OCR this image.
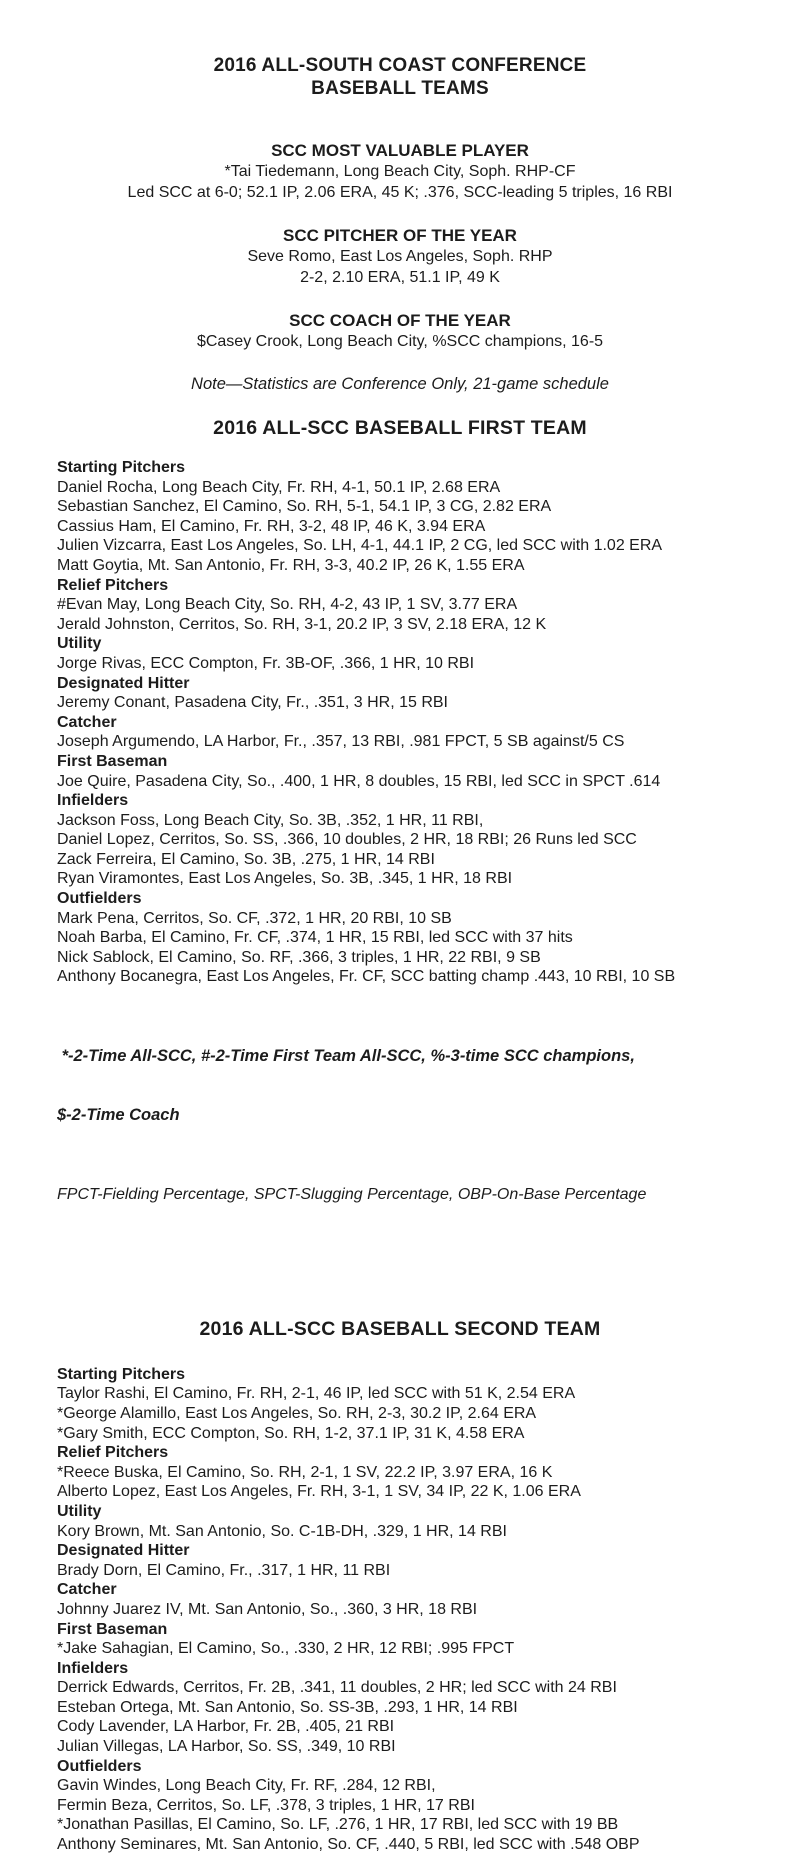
2016 ALL-SOUTH COAST CONFERENCE
BASEBALL TEAMS
SCC MOST VALUABLE PLAYER
*Tai Tiedemann, Long Beach City, Soph. RHP-CF
Led SCC at 6-0; 52.1 IP, 2.06 ERA, 45 K; .376, SCC-leading 5 triples, 16 RBI
SCC PITCHER OF THE YEAR
Seve Romo, East Los Angeles, Soph. RHP
2-2, 2.10 ERA, 51.1 IP, 49 K
SCC COACH OF THE YEAR
$Casey Crook, Long Beach City, %SCC champions, 16-5
Note—Statistics are Conference Only, 21-game schedule
2016 ALL-SCC BASEBALL FIRST TEAM
Starting Pitchers
Daniel Rocha, Long Beach City, Fr. RH, 4-1, 50.1 IP, 2.68 ERA
Sebastian Sanchez, El Camino, So. RH, 5-1, 54.1 IP, 3 CG, 2.82 ERA
Cassius Ham, El Camino, Fr. RH, 3-2, 48 IP, 46 K, 3.94 ERA
Julien Vizcarra, East Los Angeles, So. LH, 4-1, 44.1 IP, 2 CG, led SCC with 1.02 ERA
Matt Goytia, Mt. San Antonio, Fr. RH, 3-3, 40.2 IP, 26 K, 1.55 ERA
Relief Pitchers
#Evan May, Long Beach City, So. RH, 4-2, 43 IP, 1 SV, 3.77 ERA
Jerald Johnston, Cerritos, So. RH, 3-1, 20.2 IP, 3 SV, 2.18 ERA, 12 K
Utility
Jorge Rivas, ECC Compton, Fr. 3B-OF, .366, 1 HR, 10 RBI
Designated Hitter
Jeremy Conant, Pasadena City, Fr., .351, 3 HR, 15 RBI
Catcher
Joseph Argumendo, LA Harbor, Fr., .357, 13 RBI, .981 FPCT, 5 SB against/5 CS
First Baseman
Joe Quire, Pasadena City, So., .400, 1 HR, 8 doubles, 15 RBI, led SCC in SPCT .614
Infielders
Jackson Foss, Long Beach City, So. 3B, .352, 1 HR, 11 RBI,
Daniel Lopez, Cerritos, So. SS, .366, 10 doubles, 2 HR, 18 RBI; 26 Runs led SCC
Zack Ferreira, El Camino, So. 3B, .275, 1 HR, 14 RBI
Ryan Viramontes, East Los Angeles, So. 3B, .345, 1 HR, 18 RBI
Outfielders
Mark Pena, Cerritos, So. CF, .372, 1 HR, 20 RBI, 10 SB
Noah Barba, El Camino, Fr. CF, .374, 1 HR, 15 RBI, led SCC with 37 hits
Nick Sablock, El Camino, So. RF, .366, 3 triples, 1 HR, 22 RBI, 9 SB
Anthony Bocanegra, East Los Angeles, Fr. CF, SCC batting champ .443, 10 RBI, 10 SB

*-2-Time All-SCC, #-2-Time First Team All-SCC, %-3-time SCC champions,

$-2-Time Coach

FPCT-Fielding Percentage, SPCT-Slugging Percentage, OBP-On-Base Percentage
2016 ALL-SCC BASEBALL SECOND TEAM
Starting Pitchers
Taylor Rashi, El Camino, Fr. RH, 2-1, 46 IP, led SCC with 51 K, 2.54 ERA
*George Alamillo, East Los Angeles, So. RH, 2-3, 30.2 IP, 2.64 ERA
*Gary Smith, ECC Compton, So. RH, 1-2, 37.1 IP, 31 K, 4.58 ERA
Relief Pitchers
*Reece Buska, El Camino, So. RH, 2-1, 1 SV, 22.2 IP, 3.97 ERA, 16 K
Alberto Lopez, East Los Angeles, Fr. RH, 3-1, 1 SV, 34 IP, 22 K, 1.06 ERA
Utility
Kory Brown, Mt. San Antonio, So. C-1B-DH, .329, 1 HR, 14 RBI
Designated Hitter
Brady Dorn, El Camino, Fr., .317, 1 HR, 11 RBI
Catcher
Johnny Juarez IV, Mt. San Antonio, So., .360, 3 HR, 18 RBI
First Baseman
*Jake Sahagian, El Camino, So., .330, 2 HR, 12 RBI; .995 FPCT
Infielders
Derrick Edwards, Cerritos, Fr. 2B, .341, 11 doubles, 2 HR; led SCC with 24 RBI
Esteban Ortega, Mt. San Antonio, So. SS-3B, .293, 1 HR, 14 RBI
Cody Lavender, LA Harbor, Fr. 2B, .405, 21 RBI
Julian Villegas, LA Harbor, So. SS, .349, 10 RBI
Outfielders
Gavin Windes, Long Beach City, Fr. RF, .284, 12 RBI,
Fermin Beza, Cerritos, So. LF, .378, 3 triples, 1 HR, 17 RBI
*Jonathan Pasillas, El Camino, So. LF, .276, 1 HR, 17 RBI, led SCC with 19 BB
Anthony Seminares, Mt. San Antonio, So. CF, .440, 5 RBI, led SCC with .548 OBP
